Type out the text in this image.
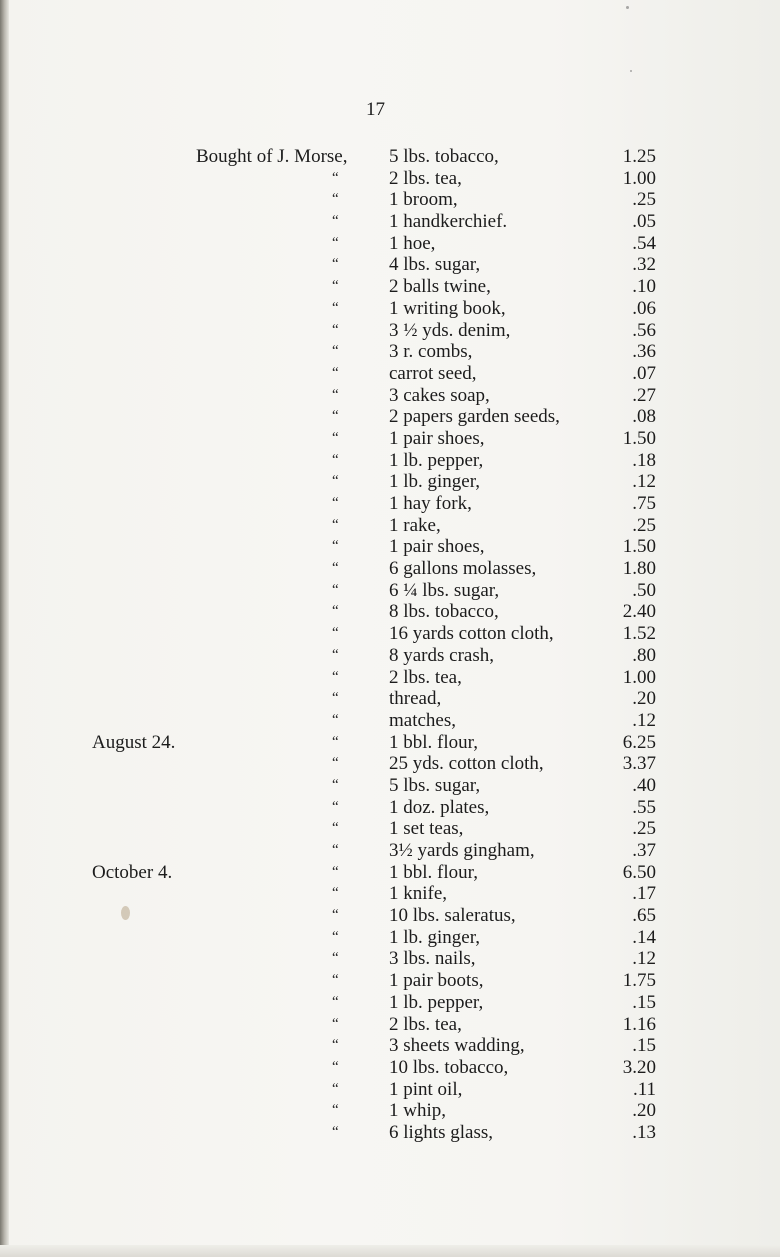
17
Bought of J. Morse, 5 lbs. tobacco,	1.25
“	2 lbs. tea,	1.00
“	1 broom,	.25
“	1 handkerchief.	.05
“	1 hoe,	.54
“	4 lbs. sugar,	.32
“	2 balls twine,	.10
“	1 writing book,	.06
“	3 ½ yds. denim,	.56
“	3 r. combs,	.36
“	carrot seed,	.07
“	3 cakes soap,	.27
“	2 papers garden seeds,	.08
“	1 pair shoes,	1.50
“	1 lb. pepper,	.18
“	1 lb. ginger,	.12
“	1 hay fork,	.75
“	1 rake,	.25
“	1 pair shoes,	1.50
“	6 gallons molasses,	1.80
“	6 ¼ lbs. sugar,	.50
“	8 lbs. tobacco,	2.40
“	16 yards cotton cloth,	1.52
“	8 yards crash,	.80
“	2 lbs. tea,	1.00
“	thread,	.20
“	matches,	.12
August 24.	“	1 bbl. flour,	6.25
“	25 yds. cotton cloth,	3.37
“	5 lbs. sugar,	.40
“	1 doz. plates,	.55
“	1 set teas,	.25
“	3½ yards gingham,	.37
October 4.	“	1 bbl. flour,	6.50
“	1 knife,	.17
“	10 lbs. saleratus,	.65
“	1 lb. ginger,	.14
“	3 lbs. nails,	.12
“	1 pair boots,	1.75
“	1 lb. pepper,	.15
“	2 lbs. tea,	1.16
“	3 sheets wadding,	.15
“	10 lbs. tobacco,	3.20
“	1 pint oil,	.11
“	1 whip,	.20
“	6 lights glass,	.13
